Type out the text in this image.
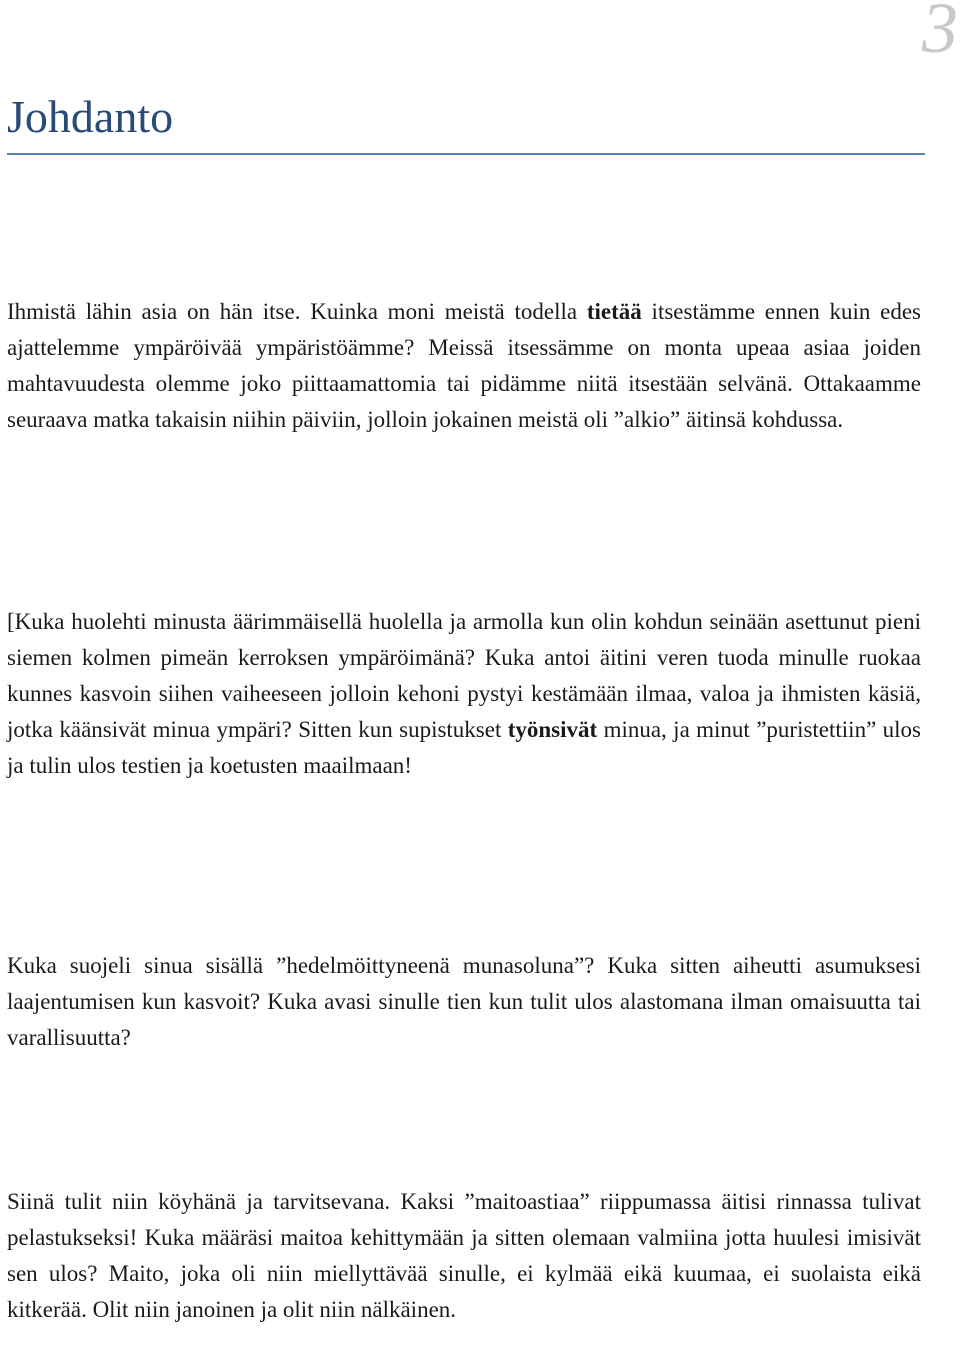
3
Johdanto

Ihmistä lähin asia on hän itse. Kuinka moni meistä todella tietää itsestämme ennen kuin edes ajattelemme ympäröivää ympäristöämme? Meissä itsessämme on monta upeaa asiaa joiden mahtavuudesta olemme joko piittaamattomia tai pidämme niitä itsestään selvänä. Ottakaamme seuraava matka takaisin niihin päiviin, jolloin jokainen meistä oli ”alkio” äitinsä kohdussa.

[Kuka huolehti minusta äärimmäisellä huolella ja armolla kun olin kohdun seinään asettunut pieni siemen kolmen pimeän kerroksen ympäröimänä? Kuka antoi äitini veren tuoda minulle ruokaa kunnes kasvoin siihen vaiheeseen jolloin kehoni pystyi kestämään ilmaa, valoa ja ihmisten käsiä, jotka käänsivät minua ympäri? Sitten kun supistukset työnsivät minua, ja minut ”puristettiin” ulos ja tulin ulos testien ja koetusten maailmaan!

Kuka suojeli sinua sisällä ”hedelmöittyneenä munasoluna”? Kuka sitten aiheutti asumuksesi laajentumisen kun kasvoit? Kuka avasi sinulle tien kun tulit ulos alastomana ilman omaisuutta tai varallisuutta?

Siinä tulit niin köyhänä ja tarvitsevana. Kaksi ”maitoastiaa” riippumassa äitisi rinnassa tulivat pelastukseksi! Kuka määräsi maitoa kehittymään ja sitten olemaan valmiina jotta huulesi imisivät sen ulos? Maito, joka oli niin miellyttävää sinulle, ei kylmää eikä kuumaa, ei suolaista eikä kitkerää. Olit niin janoinen ja olit niin nälkäinen.
